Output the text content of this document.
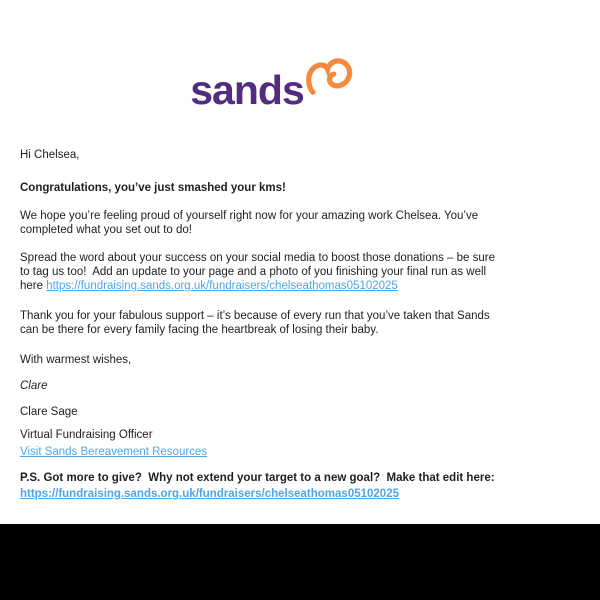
sands

Hi Chelsea,

Congratulations, you’ve just smashed your kms!

We hope you’re feeling proud of yourself right now for your amazing work Chelsea. You’ve
completed what you set out to do!

Spread the word about your success on your social media to boost those donations – be sure
to tag us too!  Add an update to your page and a photo of you finishing your final run as well
here https://fundraising.sands.org.uk/fundraisers/chelseathomas05102025

Thank you for your fabulous support – it’s because of every run that you’ve taken that Sands
can be there for every family facing the heartbreak of losing their baby.

With warmest wishes,

Clare

Clare Sage

Virtual Fundraising Officer
Visit Sands Bereavement Resources

P.S. Got more to give?  Why not extend your target to a new goal?  Make that edit here:
https://fundraising.sands.org.uk/fundraisers/chelseathomas05102025
